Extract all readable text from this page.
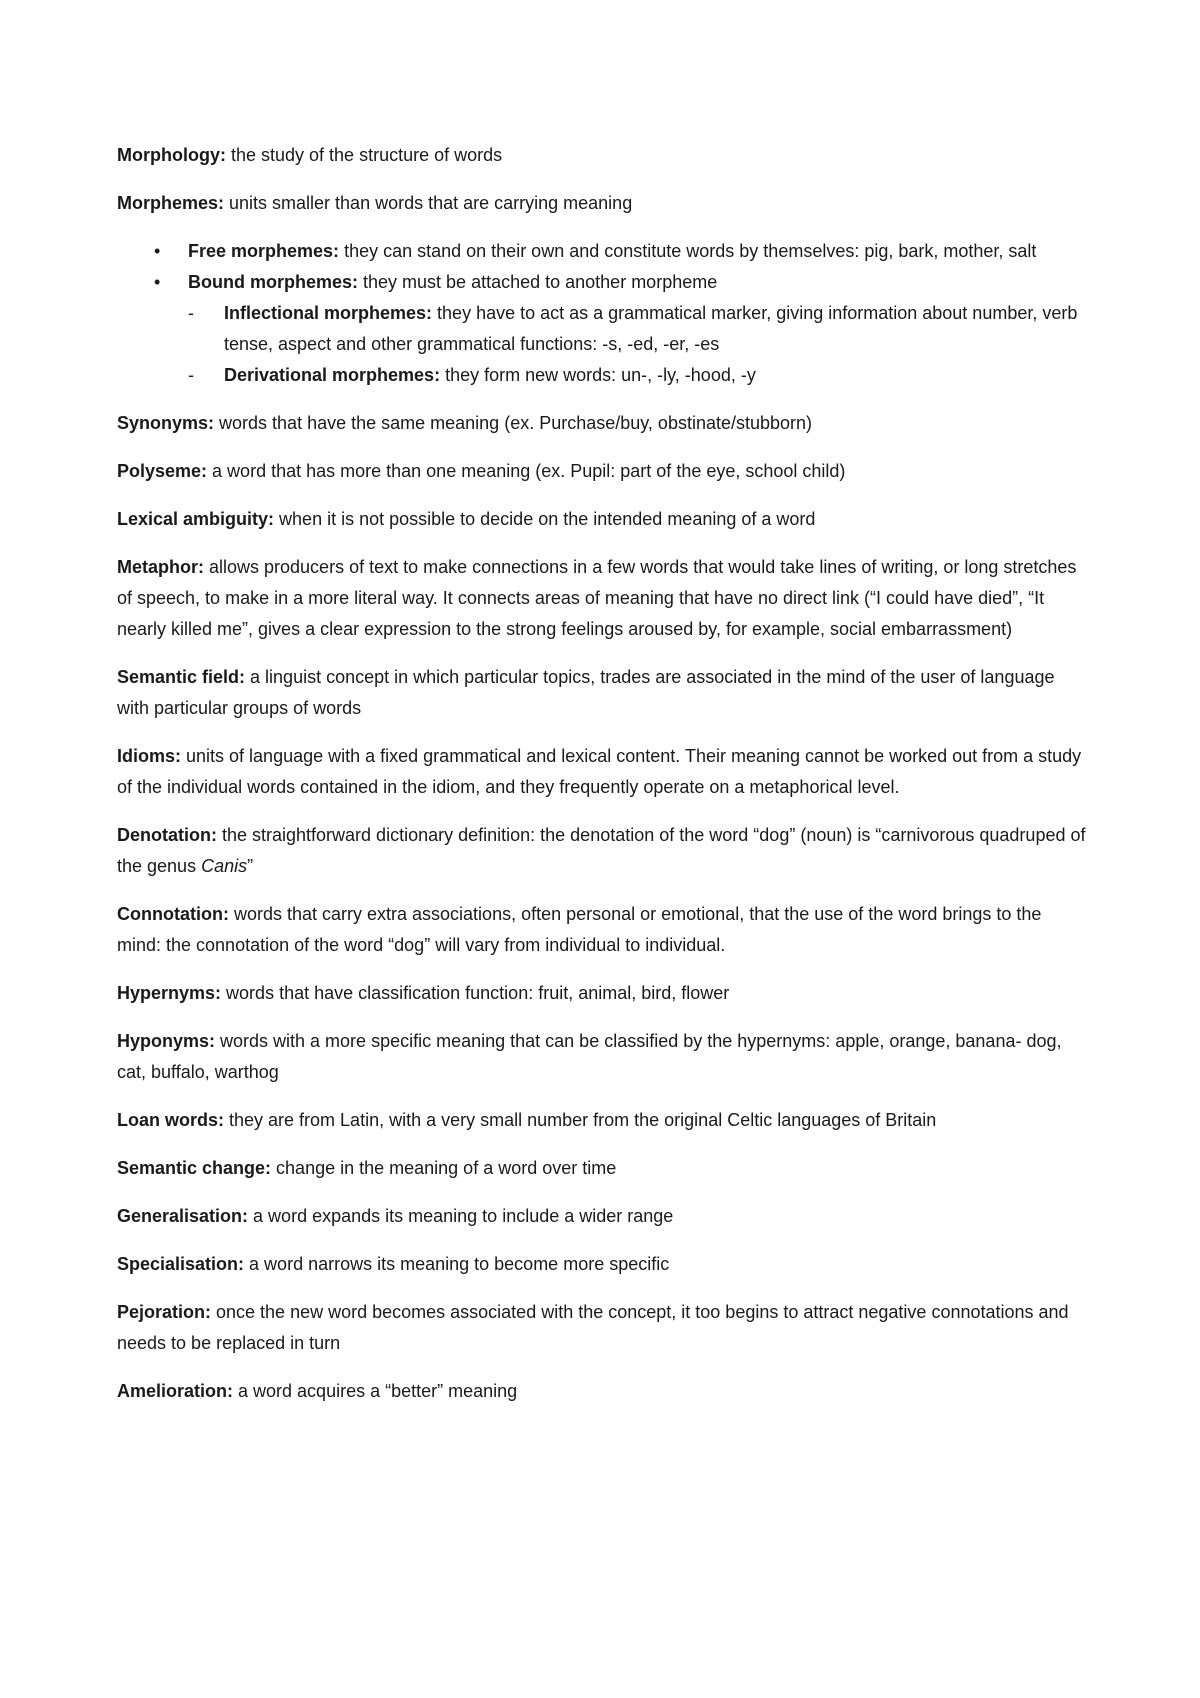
Morphology: the study of the structure of words

Morphemes: units smaller than words that are carrying meaning

• Free morphemes: they can stand on their own and constitute words by themselves: pig, bark, mother, salt
• Bound morphemes: they must be attached to another morpheme
- Inflectional morphemes: they have to act as a grammatical marker, giving information about number, verb tense, aspect and other grammatical functions: -s, -ed, -er, -es
- Derivational morphemes: they form new words: un-, -ly, -hood, -y

Synonyms: words that have the same meaning (ex. Purchase/buy, obstinate/stubborn)

Polyseme: a word that has more than one meaning (ex. Pupil: part of the eye, school child)

Lexical ambiguity: when it is not possible to decide on the intended meaning of a word

Metaphor: allows producers of text to make connections in a few words that would take lines of writing, or long stretches of speech, to make in a more literal way. It connects areas of meaning that have no direct link (“I could have died”, “It nearly killed me”, gives a clear expression to the strong feelings aroused by, for example, social embarrassment)

Semantic field: a linguist concept in which particular topics, trades are associated in the mind of the user of language with particular groups of words

Idioms: units of language with a fixed grammatical and lexical content. Their meaning cannot be worked out from a study of the individual words contained in the idiom, and they frequently operate on a metaphorical level.

Denotation: the straightforward dictionary definition: the denotation of the word “dog” (noun) is “carnivorous quadruped of the genus Canis”

Connotation: words that carry extra associations, often personal or emotional, that the use of the word brings to the mind: the connotation of the word “dog” will vary from individual to individual.

Hypernyms: words that have classification function: fruit, animal, bird, flower

Hyponyms: words with a more specific meaning that can be classified by the hypernyms: apple, orange, banana- dog, cat, buffalo, warthog

Loan words: they are from Latin, with a very small number from the original Celtic languages of Britain

Semantic change: change in the meaning of a word over time

Generalisation: a word expands its meaning to include a wider range

Specialisation: a word narrows its meaning to become more specific

Pejoration: once the new word becomes associated with the concept, it too begins to attract negative connotations and needs to be replaced in turn

Amelioration: a word acquires a “better” meaning
